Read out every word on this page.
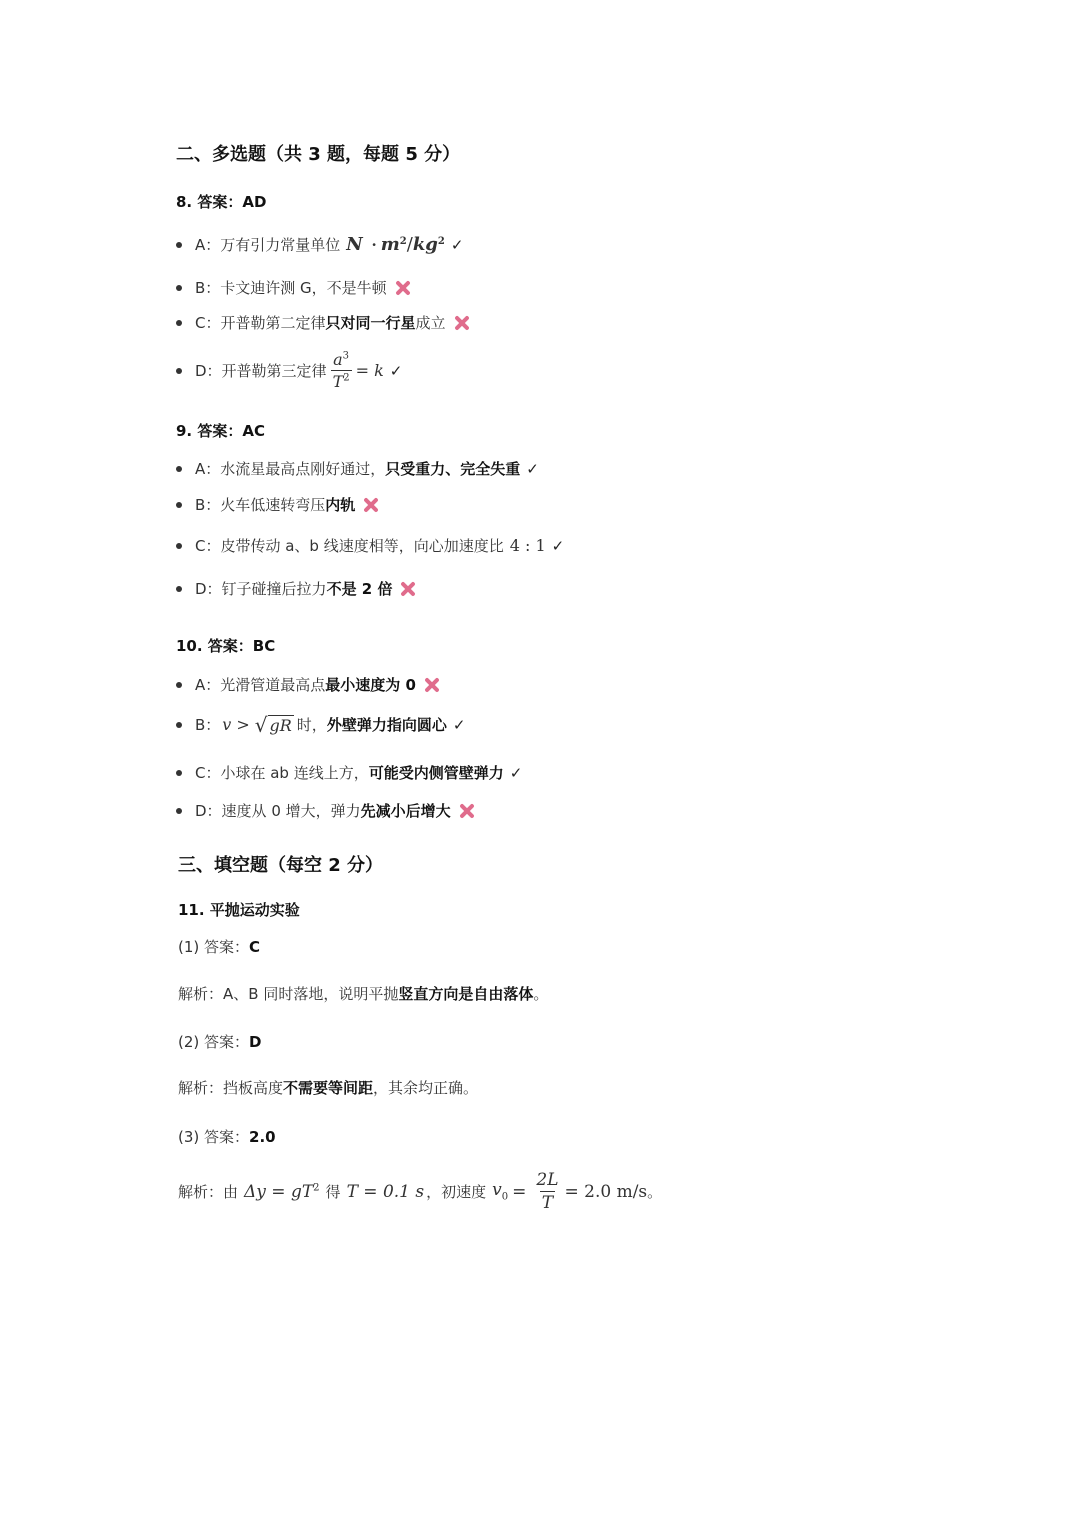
二、多选题（共 3 题，每题 5 分）
8. 答案：AD
A：万有引力常量单位 $N \cdot m^2/kg^2$ ✓
B：卡文迪许测 G，不是牛顿
C：开普勒第二定律 只对同一行星 成立
D：开普勒第三定律 $\frac{a^3}{T^2} = k$ ✓
9. 答案：AC
A：水流星最高点刚好通过， 只受重力、完全失重 ✓
B：火车低速转弯压 内轨
C：皮带传动 a、b 线速度相等，向心加速度比 4 : 1 ✓
D：钉子碰撞后拉力 不是 2 倍
10. 答案：BC
A：光滑管道最高点 最小速度为 0
B： v > √ gR 时， 外壁弹力指向圆心 ✓
C：小球在 ab 连线上方， 可能受内侧管壁弹力 ✓
D：速度从 0 增大，弹力 先减小后增大
三、填空题（每空 2 分）
11. 平抛运动实验
(1) 答案：C
解析：A、B 同时落地，说明平抛竖直方向是自由落体。
(2) 答案：D
解析：挡板高度不需要等间距，其余均正确。
(3) 答案：2.0
解析：由 $\Delta y = gT^2$ 得 T = 0.1 s ，初速度 $v_0 = \frac{2L}{T} = 2.0$ m/s 。
